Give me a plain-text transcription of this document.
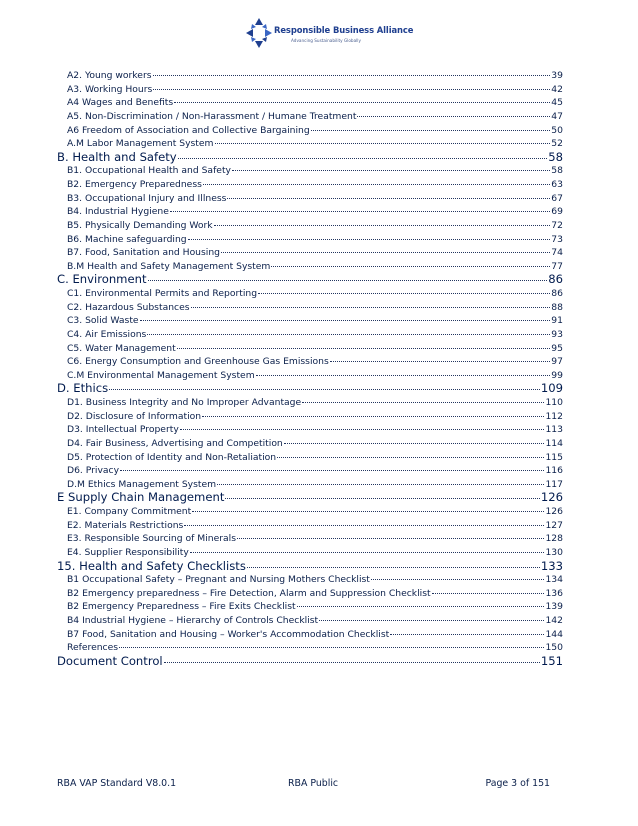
Responsible Business Alliance
Advancing Sustainability Globally
A2. Young workers	39
A3. Working Hours	42
A4 Wages and Benefits	45
A5. Non-Discrimination / Non-Harassment / Humane Treatment	47
A6 Freedom of Association and Collective Bargaining	50
A.M Labor Management System	52
B. Health and Safety	58
B1. Occupational Health and Safety	58
B2. Emergency Preparedness	63
B3. Occupational Injury and Illness	67
B4. Industrial Hygiene	69
B5. Physically Demanding Work	72
B6. Machine safeguarding	73
B7. Food, Sanitation and Housing	74
B.M Health and Safety Management System	77
C. Environment	86
C1. Environmental Permits and Reporting	86
C2. Hazardous Substances	88
C3. Solid Waste	91
C4. Air Emissions	93
C5. Water Management	95
C6. Energy Consumption and Greenhouse Gas Emissions	97
C.M Environmental Management System	99
D. Ethics	109
D1. Business Integrity and No Improper Advantage	110
D2. Disclosure of Information	112
D3. Intellectual Property	113
D4. Fair Business, Advertising and Competition	114
D5. Protection of Identity and Non-Retaliation	115
D6. Privacy	116
D.M Ethics Management System	117
E Supply Chain Management	126
E1. Company Commitment	126
E2. Materials Restrictions	127
E3. Responsible Sourcing of Minerals	128
E4. Supplier Responsibility	130
15. Health and Safety Checklists	133
B1 Occupational Safety – Pregnant and Nursing Mothers Checklist	134
B2 Emergency preparedness – Fire Detection, Alarm and Suppression Checklist	136
B2 Emergency Preparedness – Fire Exits Checklist	139
B4 Industrial Hygiene – Hierarchy of Controls Checklist	142
B7 Food, Sanitation and Housing – Worker's Accommodation Checklist	144
References	150
Document Control	151
RBA VAP Standard V8.0.1	RBA Public	Page 3 of 151
